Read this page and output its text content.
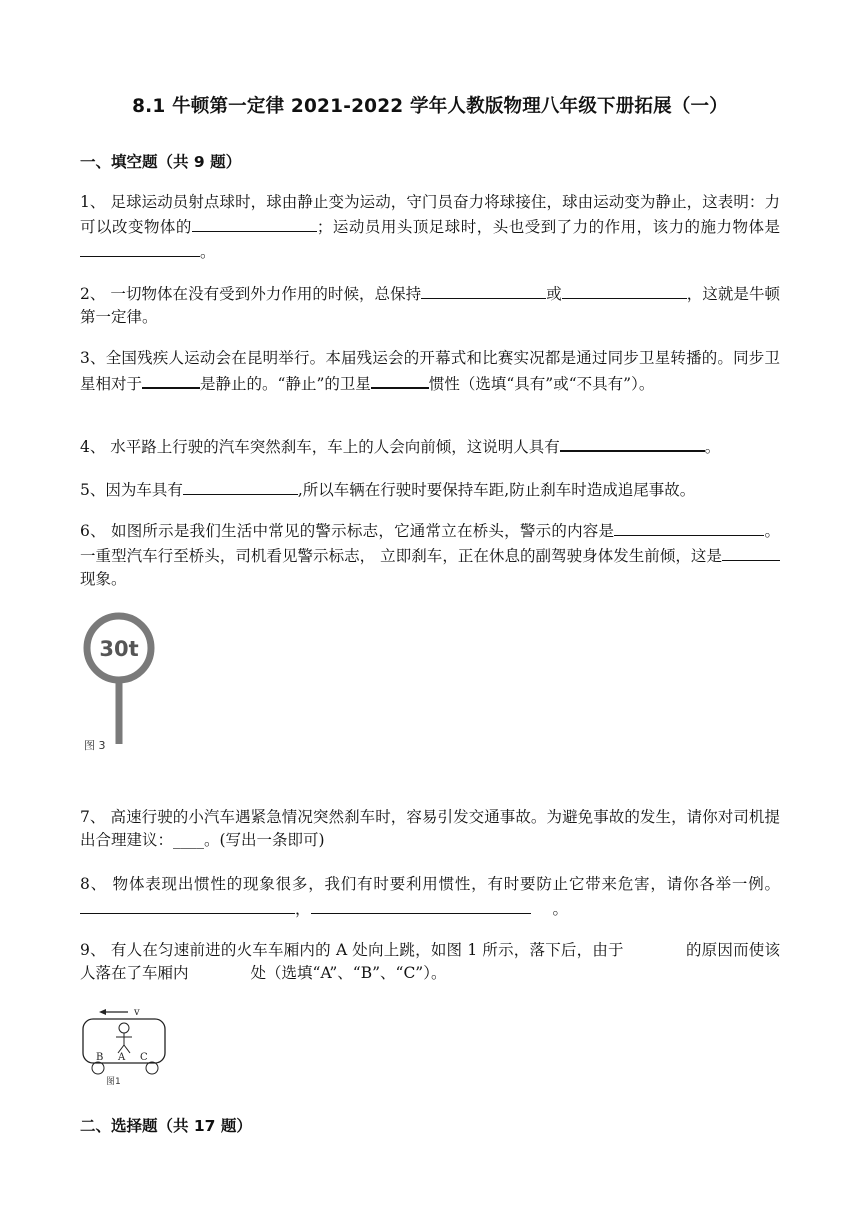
8.1 牛顿第一定律 2021-2022 学年人教版物理八年级下册拓展（一）
一、填空题（共 9 题）
1、 足球运动员射点球时，球由静止变为运动，守门员奋力将球接住，球由运动变为静止，这表明：力可以改变物体的	；运动员用头顶足球时，头也受到了力的作用，该力的施力物体是。
2、 一切物体在没有受到外力作用的时候，总保持	或	，这就是牛顿第一定律。
3、全国残疾人运动会在昆明举行。本届残运会的开幕式和比赛实况都是通过同步卫星转播的。同步卫星相对于	是静止的。“静止”的卫星	惯性（选填“具有”或“不具有”）。
4、 水平路上行驶的汽车突然刹车，车上的人会向前倾，这说明人具有	。
5、因为车具有	,所以车辆在行驶时要保持车距,防止刹车时造成追尾事故。
6、 如图所示是我们生活中常见的警示标志，它通常立在桥头，警示的内容是	。一重型汽车行至桥头，司机看见警示标志， 立即刹车，正在休息的副驾驶身体发生前倾，这是现象。
30t
图 3
7、 高速行驶的小汽车遇紧急情况突然刹车时，容易引发交通事故。为避免事故的发生，请你对司机提出合理建议：____。(写出一条即可)
8、 物体表现出惯性的现象很多，我们有时要利用惯性，有时要防止它带来危害，请你各举一例。，	。
9、 有人在匀速前进的火车车厢内的 A 处向上跳，如图 1 所示，落下后，由于	的原因而使该人落在了车厢内	处（选填“A”、“B”、“C”）。
v
B A C
图1
二、选择题（共 17 题）
